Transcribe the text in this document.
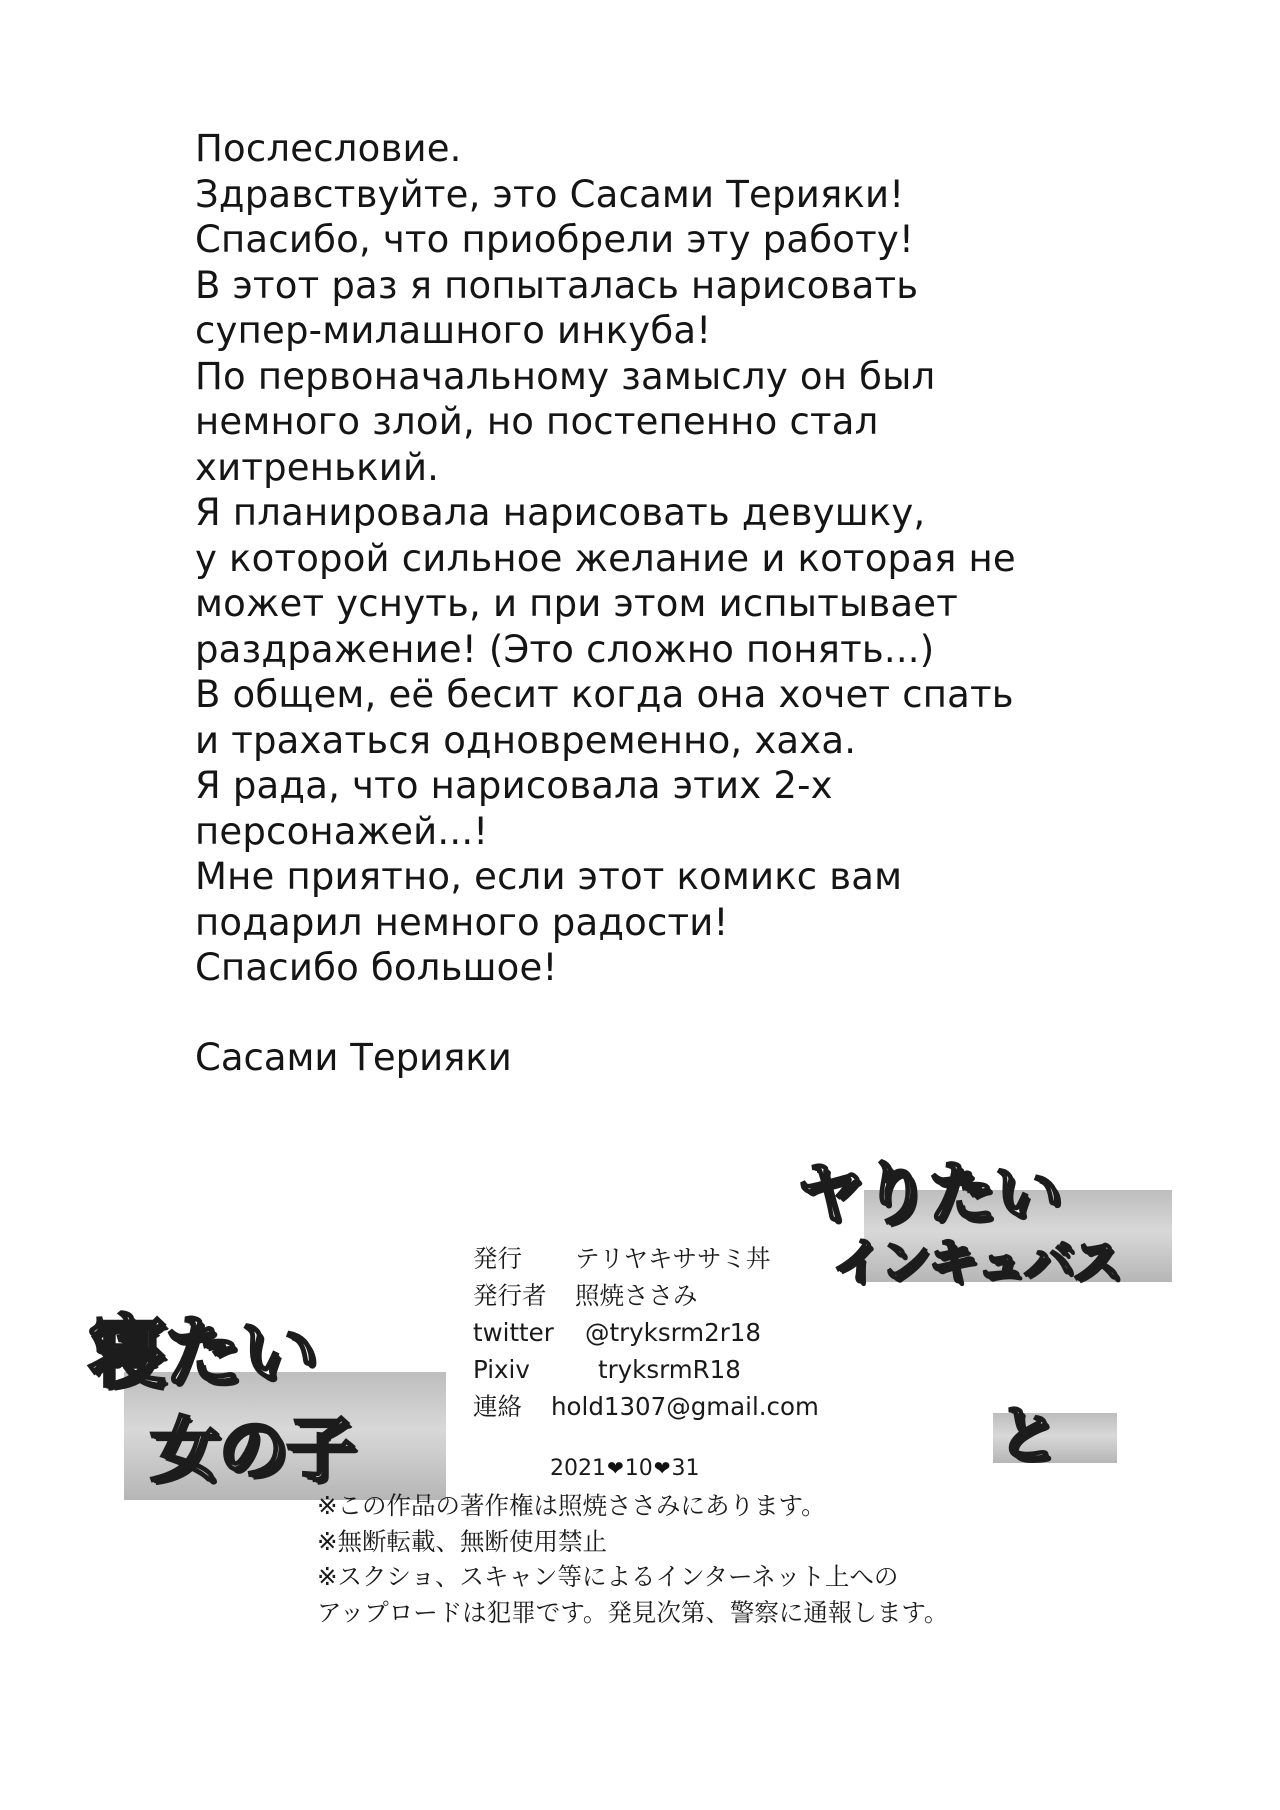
Послесловие.
Здравствуйте, это Сасами Терияки!
Спасибо, что приобрели эту работу!
В этот раз я попыталась нарисовать
супер-милашного инкуба!
По первоначальному замыслу он был
немного злой, но постепенно стал
хитренький.
Я планировала нарисовать девушку,
у которой сильное желание и которая не
может уснуть, и при этом испытывает
раздражение! (Это сложно понять...)
В общем, её бесит когда она хочет спать
и трахаться одновременно, хаха.
Я рада, что нарисовала этих 2-х
персонажей...!
Мне приятно, если этот комикс вам
подарил немного радости!
Спасибо большое!
Сасами Терияки
ヤりたい
インキュバス
寝たい
女の子	と
発行	テリヤキササミ丼
発行者	照焼ささみ
twitter	@tryksrm2r18
Pixiv	tryksrmR18
連絡	hold1307@gmail.com
2021❤10❤31
※この作品の著作権は照焼ささみにあります。
※無断転載、無断使用禁止
※スクショ、スキャン等によるインターネット上への
アップロードは犯罪です。発見次第、警察に通報します。
